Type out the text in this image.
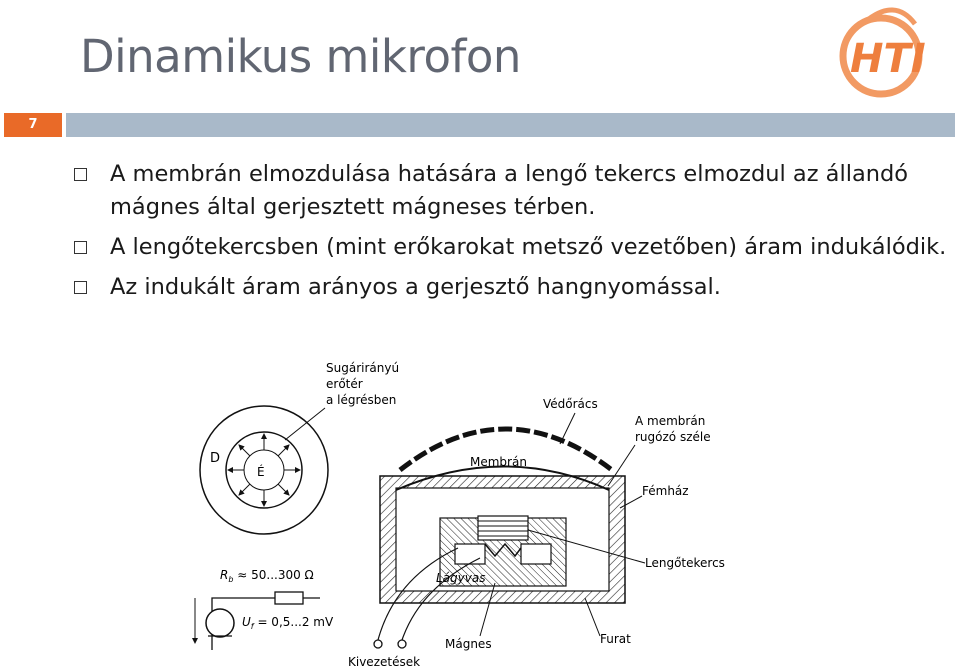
Dinamikus mikrofon	HTI
7
A membrán elmozdulása hatására a lengő tekercs elmozdul az állandó mágnes által gerjesztett mágneses térben.
A lengőtekercsben (mint erőkarokat metsző vezetőben) áram indukálódik.
Az indukált áram arányos a gerjesztő hangnyomással.
D
É
Sugárirányú
erőtér
a légrésben
$R_b \approx 50...300$ Ω
$U_f = 0,5...2$ mV
Védőrács
A membrán
rugózó széle
Membrán
Fémház
Lengőtekercs
Lágyvas
Mágnes	Furat
Kivezetések
